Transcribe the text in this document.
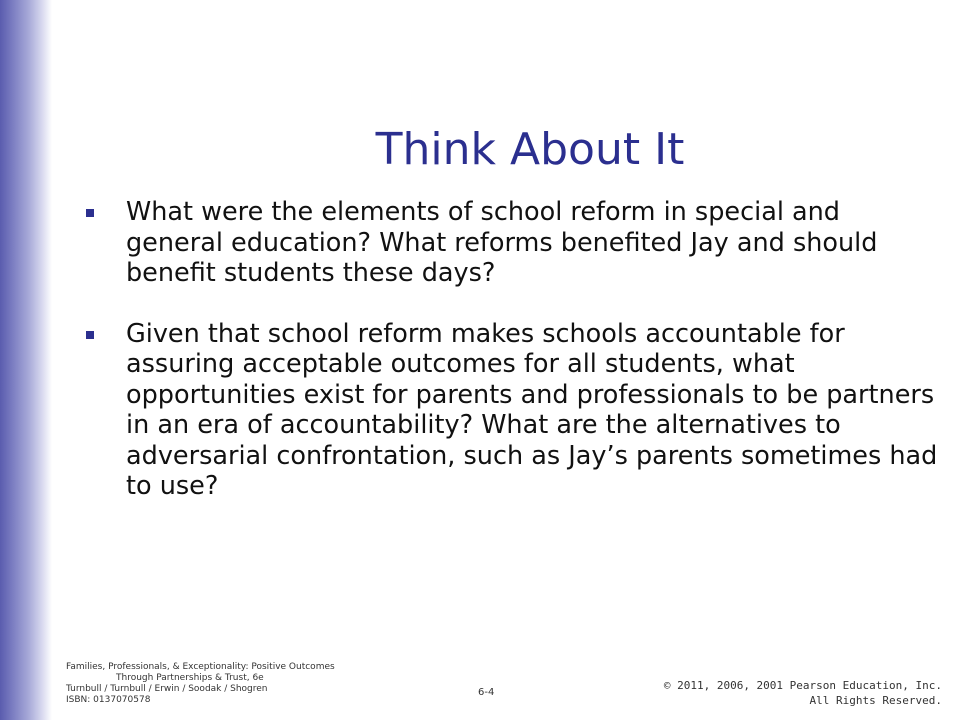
Think About It
What were the elements of school reform in special and general education? What reforms benefited Jay and should benefit students these days?
Given that school reform makes schools accountable for assuring acceptable outcomes for all students, what opportunities exist for parents and professionals to be partners in an era of accountability? What are the alternatives to adversarial confrontation, such as Jay’s parents sometimes had to use?
Families, Professionals, & Exceptionality: Positive Outcomes
Through Partnerships & Trust, 6e
Turnbull / Turnbull / Erwin / Soodak / Shogren
ISBN: 0137070578
6-4
© 2011, 2006, 2001 Pearson Education, Inc.
All Rights Reserved.
